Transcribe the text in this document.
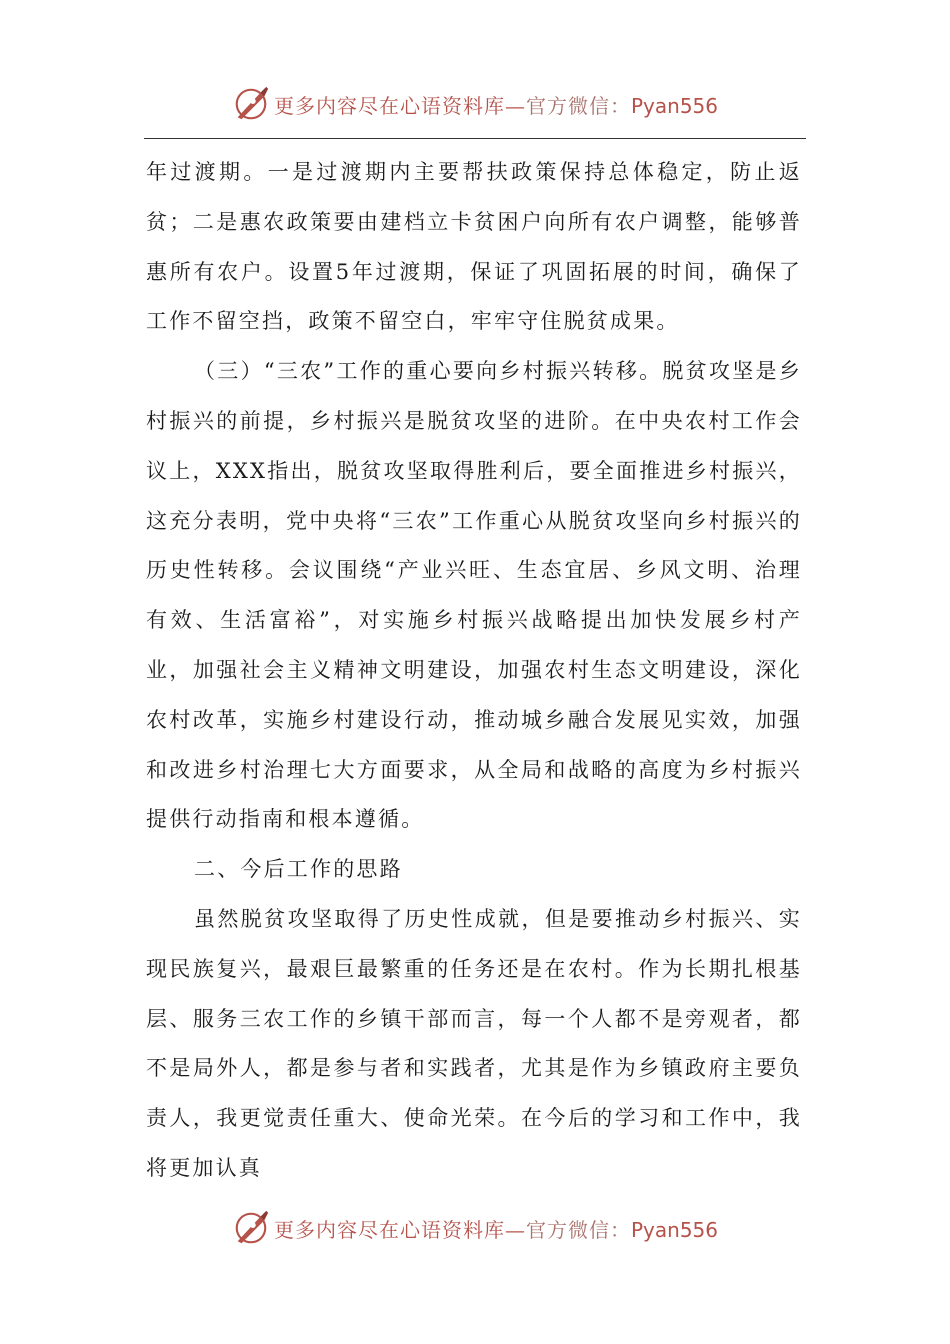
更多内容尽在心语资料库—官方微信：Pyan556

年过渡期。一是过渡期内主要帮扶政策保持总体稳定，防止返贫；二是惠农政策要由建档立卡贫困户向所有农户调整，能够普惠所有农户。设置5年过渡期，保证了巩固拓展的时间，确保了工作不留空挡，政策不留空白，牢牢守住脱贫成果。

（三）“三农”工作的重心要向乡村振兴转移。脱贫攻坚是乡村振兴的前提，乡村振兴是脱贫攻坚的进阶。在中央农村工作会议上，XXX指出，脱贫攻坚取得胜利后，要全面推进乡村振兴，这充分表明，党中央将“三农”工作重心从脱贫攻坚向乡村振兴的历史性转移。会议围绕“产业兴旺、生态宜居、乡风文明、治理有效、生活富裕”，对实施乡村振兴战略提出加快发展乡村产业，加强社会主义精神文明建设，加强农村生态文明建设，深化农村改革，实施乡村建设行动，推动城乡融合发展见实效，加强和改进乡村治理七大方面要求，从全局和战略的高度为乡村振兴提供行动指南和根本遵循。

二、今后工作的思路

虽然脱贫攻坚取得了历史性成就，但是要推动乡村振兴、实现民族复兴，最艰巨最繁重的任务还是在农村。作为长期扎根基层、服务三农工作的乡镇干部而言，每一个人都不是旁观者，都不是局外人，都是参与者和实践者，尤其是作为乡镇政府主要负责人，我更觉责任重大、使命光荣。在今后的学习和工作中，我将更加认真

更多内容尽在心语资料库—官方微信：Pyan556
